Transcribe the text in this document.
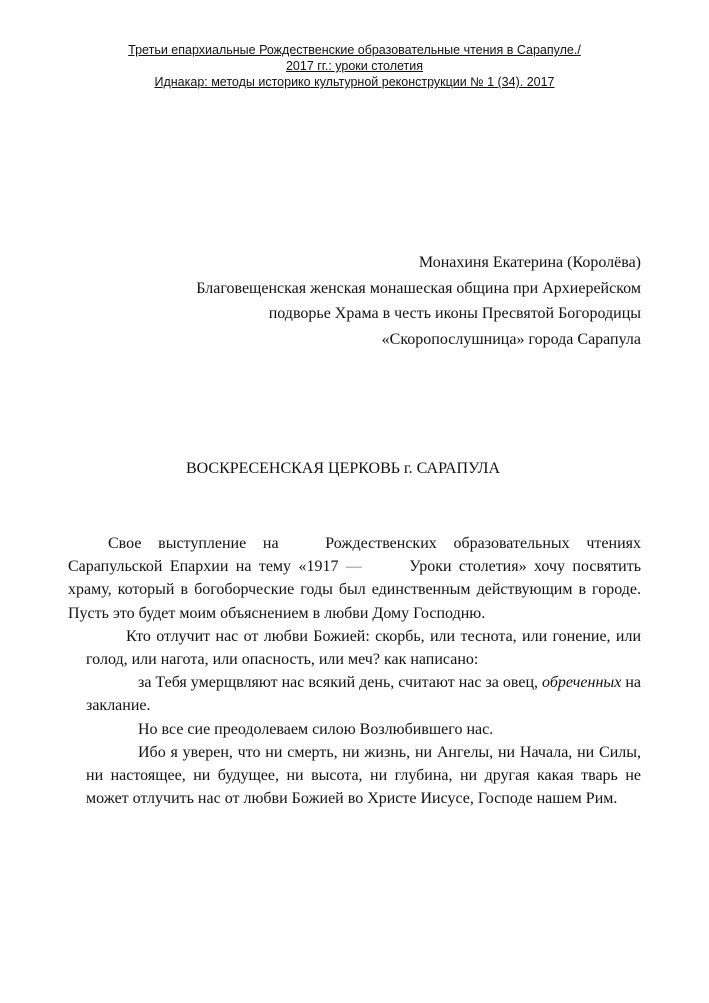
Третьи епархиальные Рождественские образовательные чтения в Сарапуле./
2017 гг.: уроки столетия
Иднакар: методы историко культурной реконструкции № 1 (34). 2017
Монахиня Екатерина (Королёва)
Благовещенская женская монашеская община при Архиерейском
подворье Храма в честь иконы Пресвятой Богородицы
«Скоропослушница» города Сарапула
ВОСКРЕСЕНСКАЯ ЦЕРКОВЬ г. САРАПУЛА

Свое выступление на	Рождественских образовательных чтениях Сарапульской Епархии на тему «1917 —	Уроки столетия» хочу посвятить храму, который в богоборческие годы был единственным действующим в городе. Пусть это будет моим объяснением в любви Дому Господню.

Кто отлучит нас от любви Божией: скорбь, или теснота, или гонение, или голод, или нагота, или опасность, или меч? как написано:

за Тебя умерщвляют нас всякий день, считают нас за овец, обреченных на заклание.

Но все сие преодолеваем силою Возлюбившего нас.

Ибо я уверен, что ни смерть, ни жизнь, ни Ангелы, ни Начала, ни Силы, ни настоящее, ни будущее, ни высота, ни глубина, ни другая какая тварь не может отлучить нас от любви Божией во Христе Иисусе, Господе нашем Рим.
